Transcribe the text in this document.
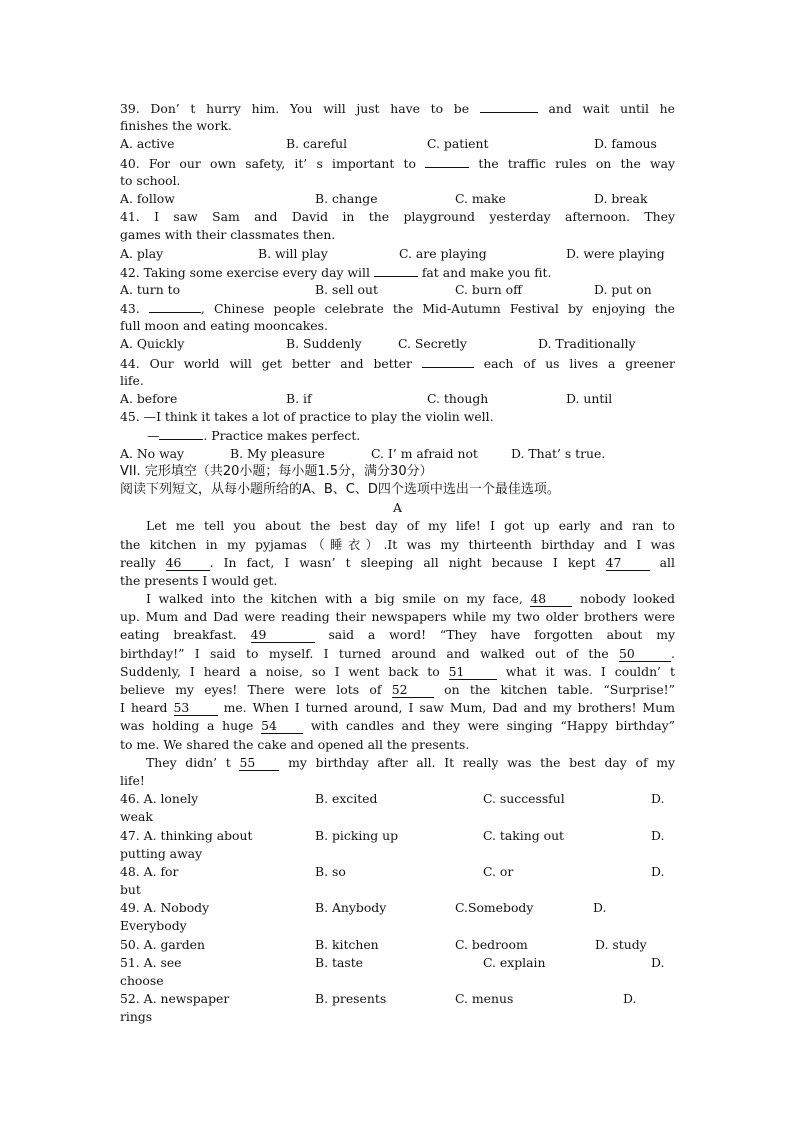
39. Don’ t hurry him. You will just have to be	and wait until he
finishes the work.
A. active	B. careful	C. patient	D. famous
40. For our own safety, it’ s important to	the traffic rules on the way
to school.
A. follow	B. change	C. make	D. break
41. I saw Sam and David in the playground yesterday afternoon. They
games with their classmates then.
A. play	B. will play	C. are playing	D. were playing
42. Taking some exercise every day will	fat and make you fit.
A. turn to	B. sell out	C. burn off	D. put on
43.	, Chinese people celebrate the Mid-Autumn Festival by enjoying the
full moon and eating mooncakes.
A. Quickly	B. Suddenly	C. Secretly	D. Traditionally
44. Our world will get better and better	each of us lives a greener
life.
A. before	B. if	C. though	D. until
45. —I think it takes a lot of practice to play the violin well.
—	. Practice makes perfect.
A. No way	B. My pleasure	C. I’ m afraid not	D. That’ s true.
VII. 完形填空（共20小题；每小题1.5分，满分30分）
阅读下列短文，从每小题所给的A、B、C、D四个选项中选出一个最佳选项。
A
Let me tell you about the best day of my life! I got up early and ran to
the kitchen in my pyjamas（睡衣）.It was my thirteenth birthday and I was
really 46 . In fact, I wasn’ t sleeping all night because I kept 47	all
the presents I would get.
I walked into the kitchen with a big smile on my face, 48	nobody looked
up. Mum and Dad were reading their newspapers while my two older brothers were
eating breakfast. 49	said a word! “They have forgotten about my
birthday!” I said to myself. I turned around and walked out of the 50	.
Suddenly, I heard a noise, so I went back to 51	what it was. I couldn’ t
believe my eyes! There were lots of 52	on the kitchen table. “Surprise!”
I heard 53	me. When I turned around, I saw Mum, Dad and my brothers! Mum
was holding a huge 54	with candles and they were singing “Happy birthday”
to me. We shared the cake and opened all the presents.
They didn’ t 55	my birthday after all. It really was the best day of my
life!
46. A. lonely	B. excited	C. successful	D.
weak
47. A. thinking about	B. picking up	C. taking out	D.
putting away
48. A. for	B. so	C. or	D.
but
49. A. Nobody	B. Anybody	C.Somebody	D.
Everybody
50. A. garden	B. kitchen	C. bedroom	D. study
51. A. see	B. taste	C. explain	D.
choose
52. A. newspaper	B. presents	C. menus	D.
rings
